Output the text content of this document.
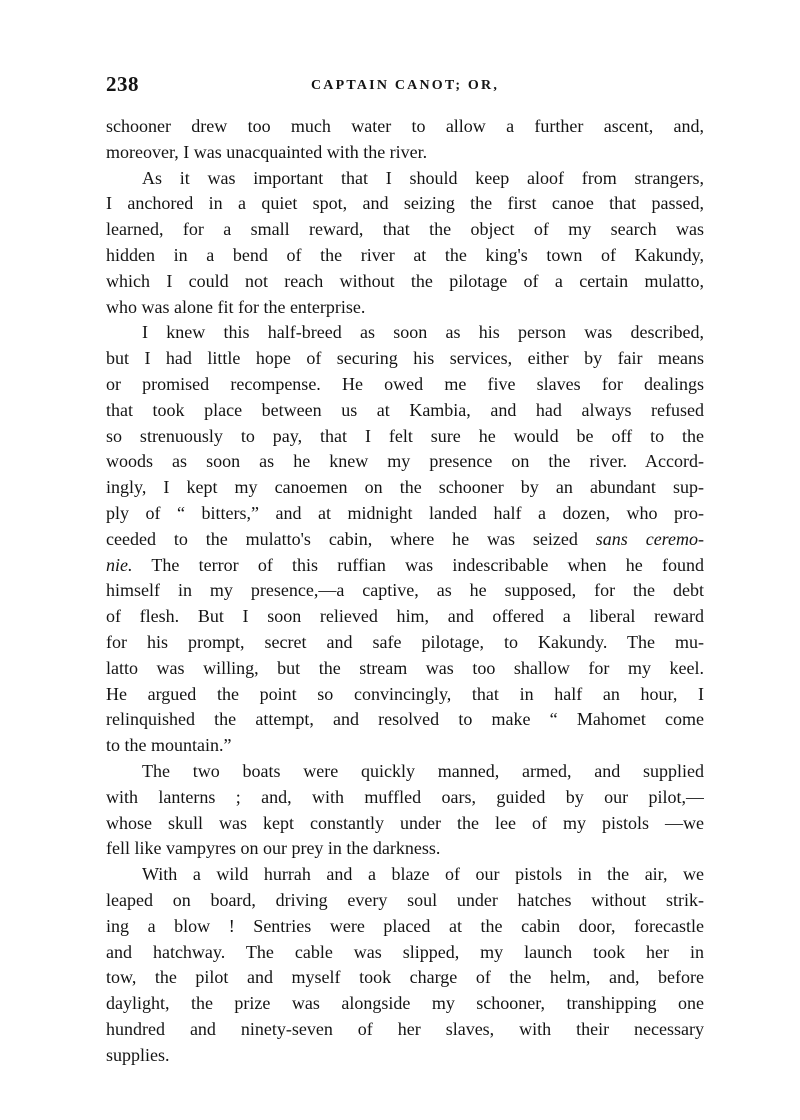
238	CAPTAIN CANOT; OR,
schooner drew too much water to allow a further ascent, and,
moreover, I was unacquainted with the river.
As it was important that I should keep aloof from strangers,
I anchored in a quiet spot, and seizing the first canoe that passed,
learned, for a small reward, that the object of my search was
hidden in a bend of the river at the king's town of Kakundy,
which I could not reach without the pilotage of a certain mulatto,
who was alone fit for the enterprise.
I knew this half-breed as soon as his person was described,
but I had little hope of securing his services, either by fair means
or promised recompense. He owed me five slaves for dealings
that took place between us at Kambia, and had always refused
so strenuously to pay, that I felt sure he would be off to the
woods as soon as he knew my presence on the river. Accord-
ingly, I kept my canoemen on the schooner by an abundant sup-
ply of “ bitters,” and at midnight landed half a dozen, who pro-
ceeded to the mulatto's cabin, where he was seized sans ceremo-
nie. The terror of this ruffian was indescribable when he found
himself in my presence,—a captive, as he supposed, for the debt
of flesh. But I soon relieved him, and offered a liberal reward
for his prompt, secret and safe pilotage, to Kakundy. The mu-
latto was willing, but the stream was too shallow for my keel.
He argued the point so convincingly, that in half an hour, I
relinquished the attempt, and resolved to make “ Mahomet come
to the mountain.”
The two boats were quickly manned, armed, and supplied
with lanterns ; and, with muffled oars, guided by our pilot,—
whose skull was kept constantly under the lee of my pistols —we
fell like vampyres on our prey in the darkness.
With a wild hurrah and a blaze of our pistols in the air, we
leaped on board, driving every soul under hatches without strik-
ing a blow ! Sentries were placed at the cabin door, forecastle
and hatchway. The cable was slipped, my launch took her in
tow, the pilot and myself took charge of the helm, and, before
daylight, the prize was alongside my schooner, transhipping one
hundred and ninety-seven of her slaves, with their necessary
supplies.
